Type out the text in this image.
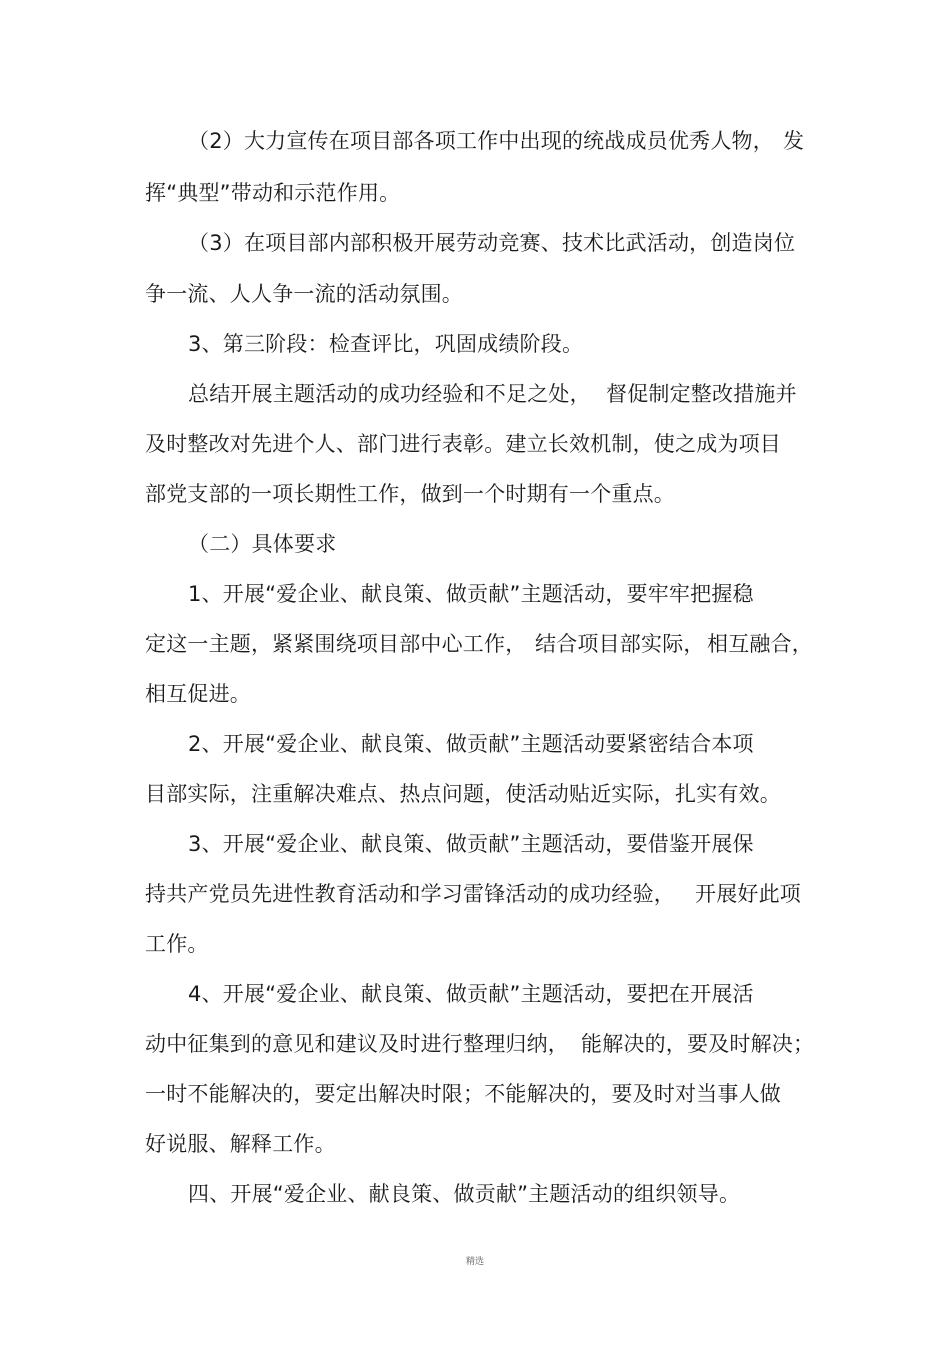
（2）大力宣传在项目部各项工作中出现的统战成员优秀人物， 发
挥“典型”带动和示范作用。
（3）在项目部内部积极开展劳动竞赛、技术比武活动，创造岗位
争一流、人人争一流的活动氛围。
3、第三阶段：检查评比，巩固成绩阶段。
总结开展主题活动的成功经验和不足之处， 督促制定整改措施并
及时整改对先进个人、部门进行表彰。建立长效机制，使之成为项目
部党支部的一项长期性工作，做到一个时期有一个重点。
（二）具体要求
1、开展“爱企业、献良策、做贡献”主题活动，要牢牢把握稳
定这一主题， 紧紧围绕项目部中心工作， 结合项目部实际， 相互融合，
相互促进。
2、开展“爱企业、献良策、做贡献”主题活动要紧密结合本项
目部实际，注重解决难点、热点问题，使活动贴近实际，扎实有效。
3、开展“爱企业、献良策、做贡献”主题活动，要借鉴开展保
持共产党员先进性教育活动和学习雷锋活动的成功经验， 开展好此项
工作。
4、开展“爱企业、献良策、做贡献”主题活动，要把在开展活
动中征集到的意见和建议及时进行整理归纳， 能解决的，要及时解决；
一时不能解决的，要定出解决时限；不能解决的，要及时对当事人做
好说服、解释工作。
四、开展“爱企业、献良策、做贡献”主题活动的组织领导。
精选
